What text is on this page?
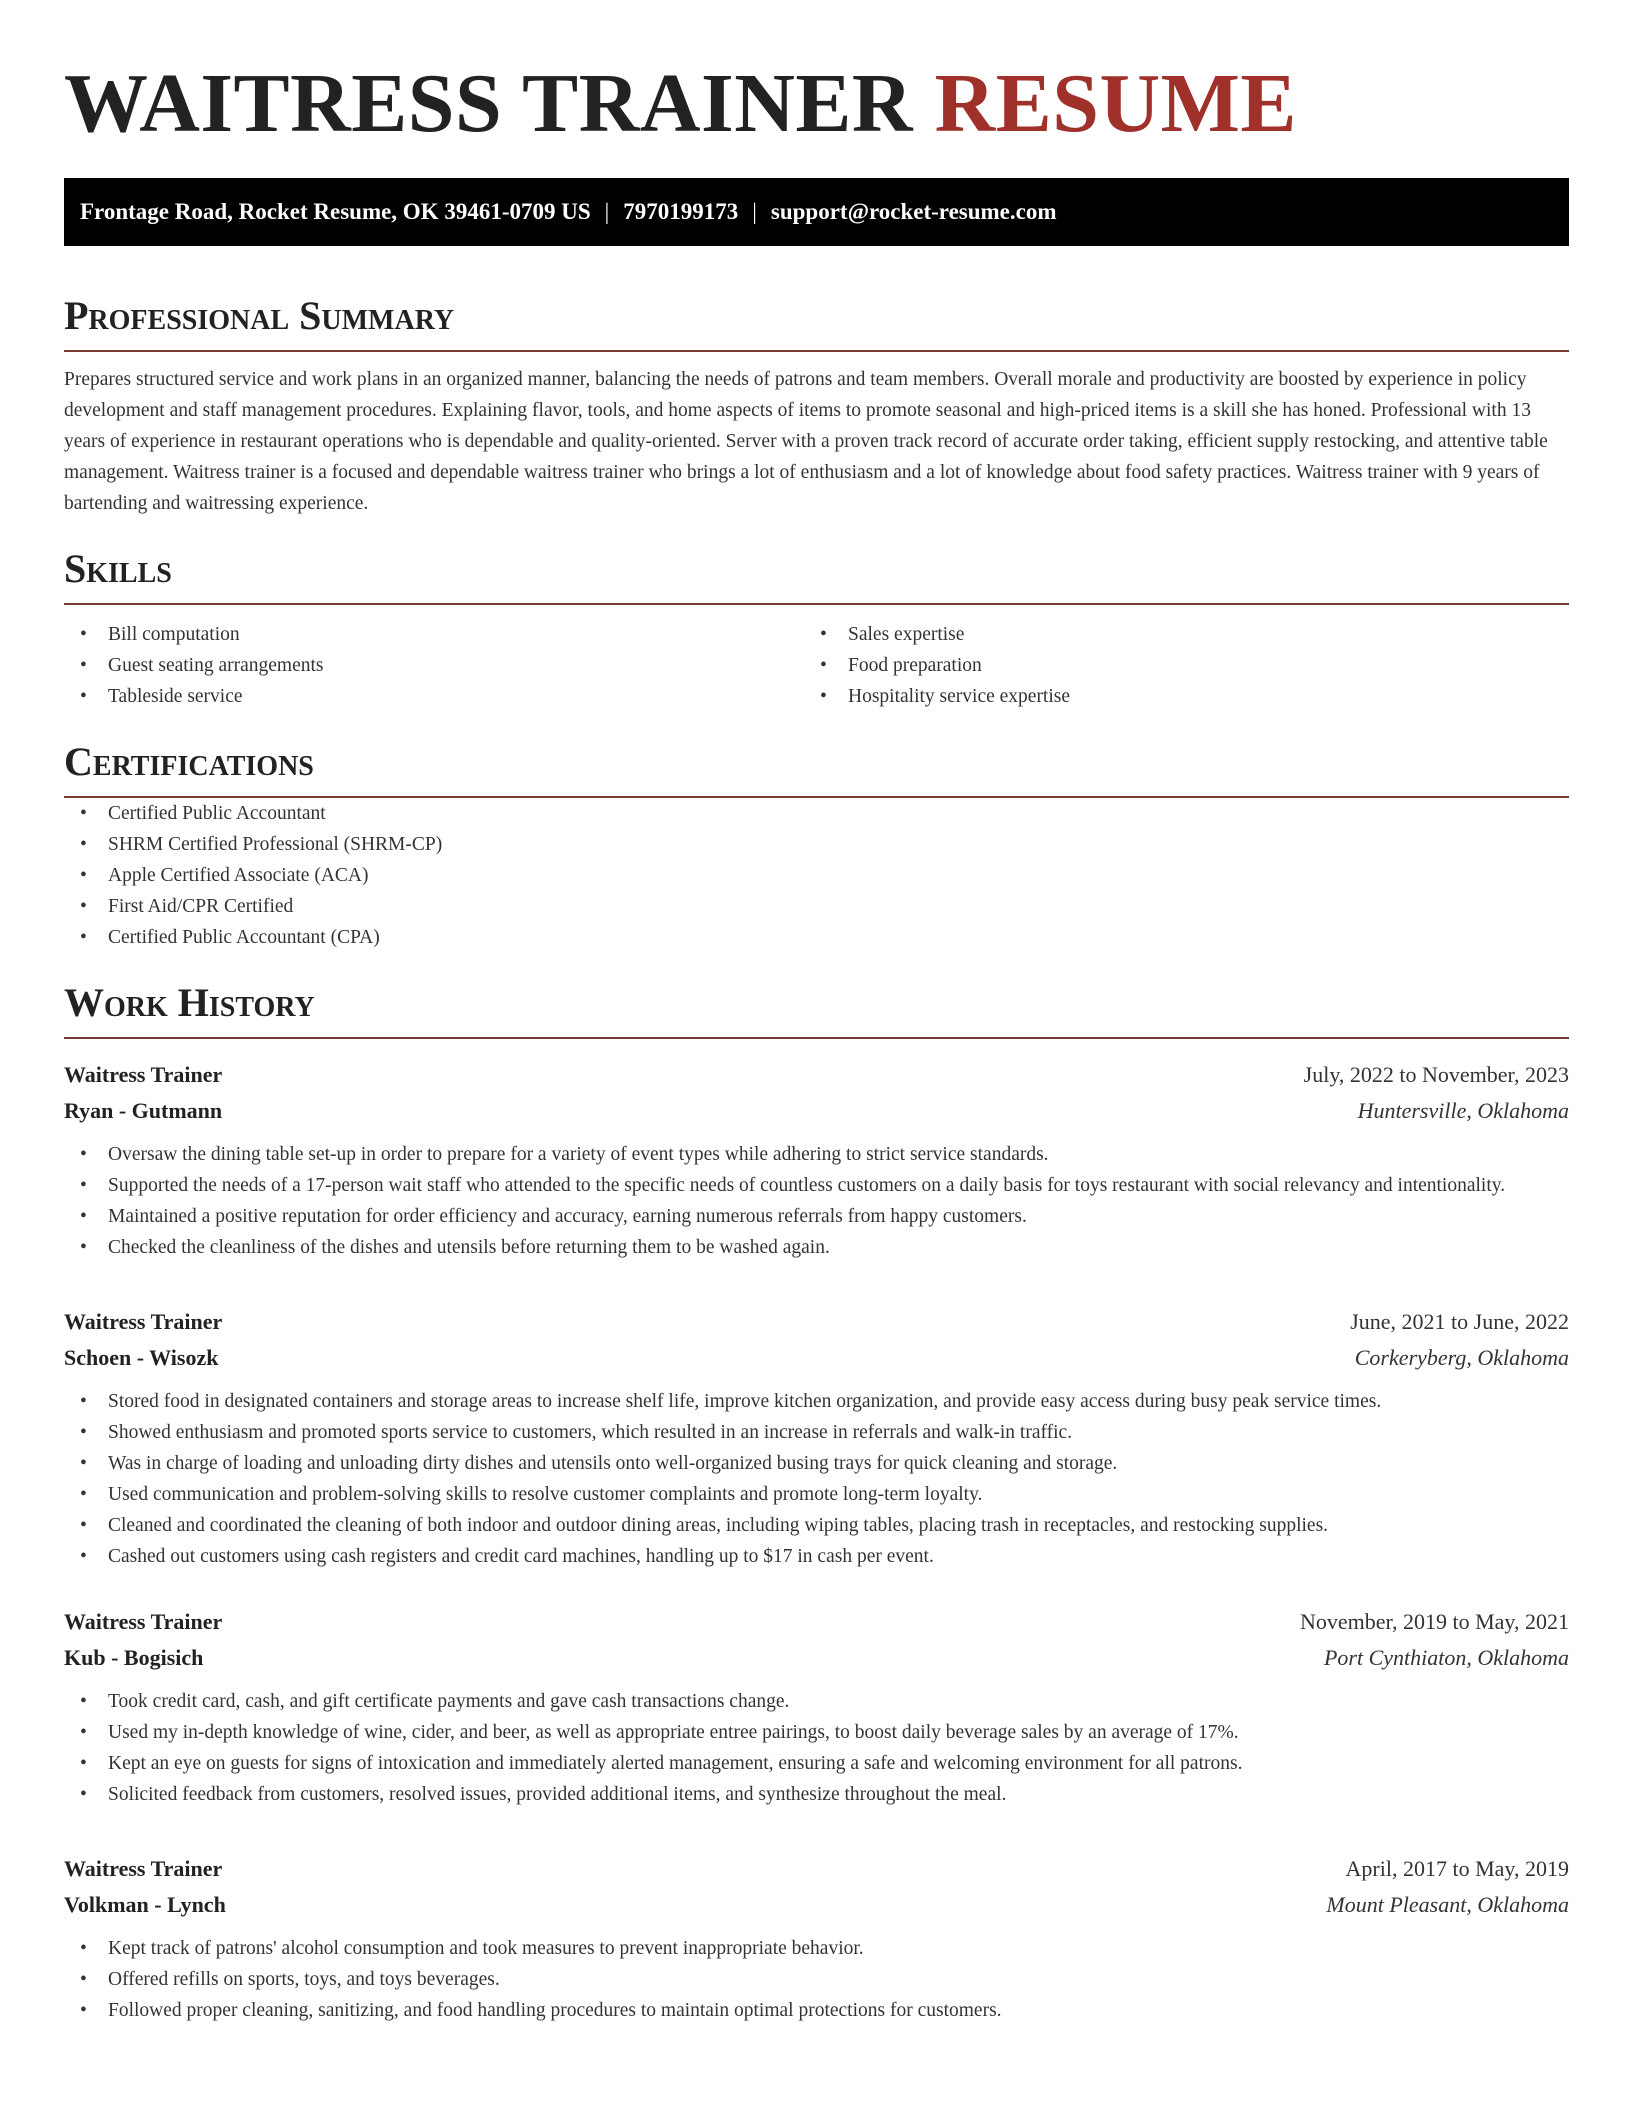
WAITRESS TRAINER RESUME
Frontage Road, Rocket Resume, OK 39461-0709 US | 7970199173 | support@rocket-resume.com
Professional Summary

Prepares structured service and work plans in an organized manner, balancing the needs of patrons and team members. Overall morale and productivity are boosted by experience in policy development and staff management procedures. Explaining flavor, tools, and home aspects of items to promote seasonal and high-priced items is a skill she has honed. Professional with 13 years of experience in restaurant operations who is dependable and quality-oriented. Server with a proven track record of accurate order taking, efficient supply restocking, and attentive table management. Waitress trainer is a focused and dependable waitress trainer who brings a lot of enthusiasm and a lot of knowledge about food safety practices. Waitress trainer with 9 years of bartending and waitressing experience.

Skills
• Bill computation
• Guest seating arrangements
• Tableside service
• Sales expertise
• Food preparation
• Hospitality service expertise
Certifications
• Certified Public Accountant
• SHRM Certified Professional (SHRM-CP)
• Apple Certified Associate (ACA)
• First Aid/CPR Certified
• Certified Public Accountant (CPA)
Work History
Waitress Trainer	July, 2022 to November, 2023
Ryan - Gutmann	Huntersville, Oklahoma
• Oversaw the dining table set-up in order to prepare for a variety of event types while adhering to strict service standards.
• Supported the needs of a 17-person wait staff who attended to the specific needs of countless customers on a daily basis for toys restaurant with social relevancy and intentionality.
• Maintained a positive reputation for order efficiency and accuracy, earning numerous referrals from happy customers.
• Checked the cleanliness of the dishes and utensils before returning them to be washed again.
Waitress Trainer	June, 2021 to June, 2022
Schoen - Wisozk	Corkeryberg, Oklahoma
• Stored food in designated containers and storage areas to increase shelf life, improve kitchen organization, and provide easy access during busy peak service times.
• Showed enthusiasm and promoted sports service to customers, which resulted in an increase in referrals and walk-in traffic.
• Was in charge of loading and unloading dirty dishes and utensils onto well-organized busing trays for quick cleaning and storage.
• Used communication and problem-solving skills to resolve customer complaints and promote long-term loyalty.
• Cleaned and coordinated the cleaning of both indoor and outdoor dining areas, including wiping tables, placing trash in receptacles, and restocking supplies.
• Cashed out customers using cash registers and credit card machines, handling up to $17 in cash per event.
Waitress Trainer	November, 2019 to May, 2021
Kub - Bogisich	Port Cynthiaton, Oklahoma
• Took credit card, cash, and gift certificate payments and gave cash transactions change.
• Used my in-depth knowledge of wine, cider, and beer, as well as appropriate entree pairings, to boost daily beverage sales by an average of 17%.
• Kept an eye on guests for signs of intoxication and immediately alerted management, ensuring a safe and welcoming environment for all patrons.
• Solicited feedback from customers, resolved issues, provided additional items, and synthesize throughout the meal.
Waitress Trainer	April, 2017 to May, 2019
Volkman - Lynch	Mount Pleasant, Oklahoma
• Kept track of patrons' alcohol consumption and took measures to prevent inappropriate behavior.
• Offered refills on sports, toys, and toys beverages.
• Followed proper cleaning, sanitizing, and food handling procedures to maintain optimal protections for customers.
